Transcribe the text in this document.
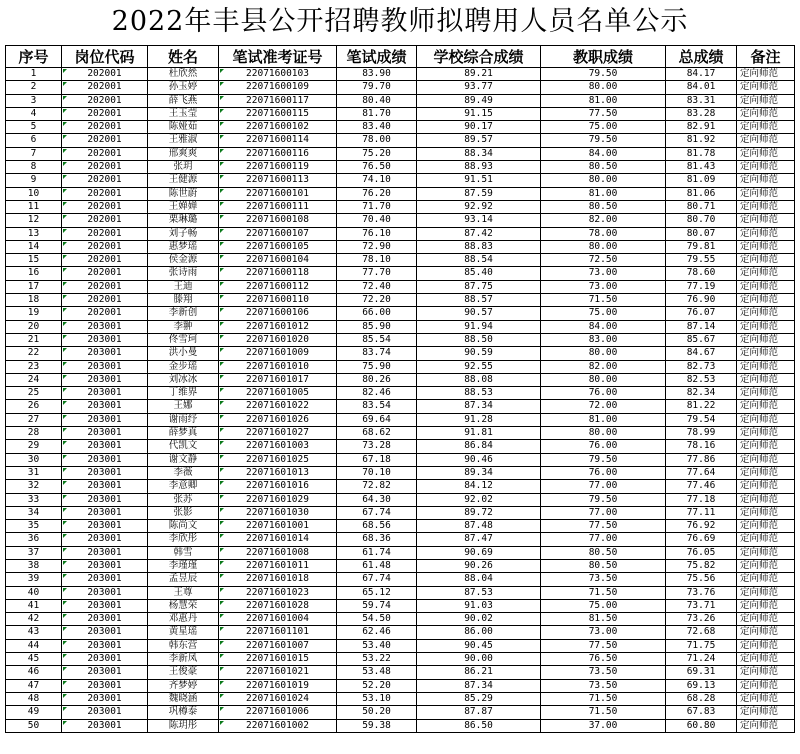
2022年丰县公开招聘教师拟聘用人员名单公示
序号	岗位代码	姓名	笔试准考证号	笔试成绩	学校综合成绩	教职成绩	总成绩	备注
1	202001	杜欣然	22071600103	83.90	89.21	79.50	84.17	定向师范
2	202001	孙玉婷	22071600109	79.70	93.77	80.00	84.01	定向师范
3	202001	薛飞燕	22071600117	80.40	89.49	81.00	83.31	定向师范
4	202001	王玉莹	22071600115	81.70	91.15	77.50	83.28	定向师范
5	202001	陈娅茹	22071600102	83.40	90.17	75.00	82.91	定向师范
6	202001	王雅淑	22071600114	78.00	89.57	79.50	81.92	定向师范
7	202001	邢爽爽	22071600116	75.20	88.34	84.00	81.78	定向师范
8	202001	张玥	22071600119	76.50	88.93	80.50	81.43	定向师范
9	202001	王健源	22071600113	74.10	91.51	80.00	81.09	定向师范
10	202001	陈世蔚	22071600101	76.20	87.59	81.00	81.06	定向师范
11	202001	王婵婵	22071600111	71.70	92.92	80.50	80.71	定向师范
12	202001	栗琳璐	22071600108	70.40	93.14	82.00	80.70	定向师范
13	202001	刘子畅	22071600107	76.10	87.42	78.00	80.07	定向师范
14	202001	惠梦瑶	22071600105	72.90	88.83	80.00	79.81	定向师范
15	202001	侯金源	22071600104	78.10	88.54	72.50	79.55	定向师范
16	202001	张诗雨	22071600118	77.70	85.40	73.00	78.60	定向师范
17	202001	王迪	22071600112	72.40	87.75	73.00	77.19	定向师范
18	202001	滕翔	22071600110	72.20	88.57	71.50	76.90	定向师范
19	202001	李新创	22071600106	66.00	90.57	75.00	76.07	定向师范
20	203001	李翀	22071601012	85.90	91.94	84.00	87.14	定向师范
21	203001	佟雪珂	22071601020	85.54	88.50	83.00	85.67	定向师范
22	203001	洪小曼	22071601009	83.74	90.59	80.00	84.67	定向师范
23	203001	金步瑶	22071601010	75.90	92.55	82.00	82.73	定向师范
24	203001	刘冰冰	22071601017	80.26	88.08	80.00	82.53	定向师范
25	203001	丁维界	22071601005	82.46	88.53	76.00	82.34	定向师范
26	203001	王娜	22071601022	83.54	87.34	72.00	81.22	定向师范
27	203001	谢雨纾	22071601026	69.64	91.28	81.00	79.54	定向师范
28	203001	薛梦真	22071601027	68.62	91.81	80.00	78.99	定向师范
29	203001	代凯文	22071601003	73.28	86.84	76.00	78.16	定向师范
30	203001	谢文静	22071601025	67.18	90.46	79.50	77.86	定向师范
31	203001	李薇	22071601013	70.10	89.34	76.00	77.64	定向师范
32	203001	李意卿	22071601016	72.82	84.12	77.00	77.46	定向师范
33	203001	张苏	22071601029	64.30	92.02	79.50	77.18	定向师范
34	203001	张影	22071601030	67.74	89.72	77.00	77.11	定向师范
35	203001	陈尚文	22071601001	68.56	87.48	77.50	76.92	定向师范
36	203001	李欣彤	22071601014	68.36	87.47	77.00	76.69	定向师范
37	203001	韩雪	22071601008	61.74	90.69	80.50	76.05	定向师范
38	203001	李瑾瑾	22071601011	61.48	90.26	80.50	75.82	定向师范
39	203001	孟昱辰	22071601018	67.74	88.04	73.50	75.56	定向师范
40	203001	王尊	22071601023	65.12	87.53	71.50	73.76	定向师范
41	203001	杨慧荣	22071601028	59.74	91.03	75.00	73.71	定向师范
42	203001	邓惠丹	22071601004	54.50	90.02	81.50	73.26	定向师范
43	203001	黄星瑶	22071601101	62.46	86.00	73.00	72.68	定向师范
44	203001	韩东营	22071601007	53.40	90.45	77.50	71.75	定向师范
45	203001	李新凤	22071601015	53.22	90.00	76.50	71.24	定向师范
46	203001	王俊豪	22071601021	53.48	86.21	73.50	69.31	定向师范
47	203001	齐梦婷	22071601019	52.20	87.34	73.50	69.13	定向师范
48	203001	魏晓涵	22071601024	53.10	85.29	71.50	68.28	定向师范
49	203001	巩樽泰	22071601006	50.20	87.87	71.50	67.83	定向师范
50	203001	陈玥彤	22071601002	59.38	86.50	37.00	60.80	定向师范
